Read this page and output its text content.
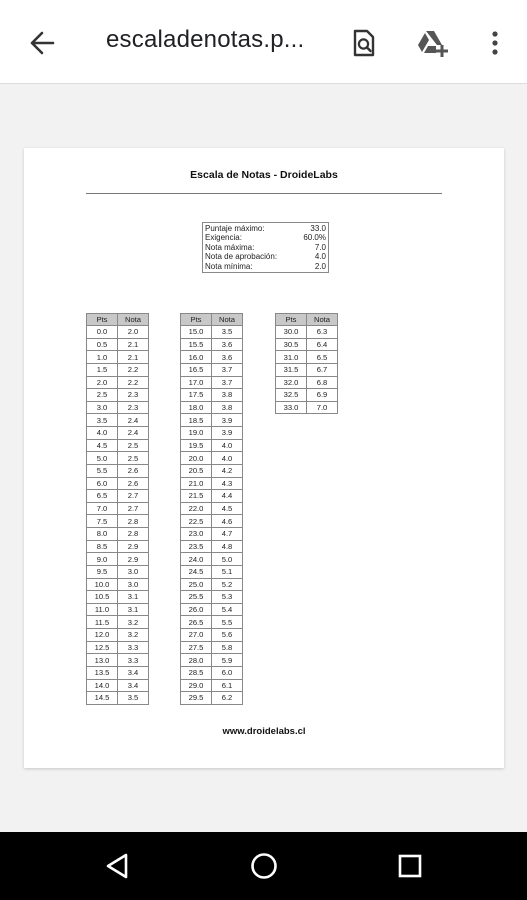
escaladenotas.p...
Escala de Notas - DroideLabs
Puntaje máximo:	33.0
Exigencia:	60.0%
Nota máxima:	7.0
Nota de aprobación:	4.0
Nota mínima:	2.0
Pts	Nota
0.0	2.0
0.5	2.1
1.0	2.1
1.5	2.2
2.0	2.2
2.5	2.3
3.0	2.3
3.5	2.4
4.0	2.4
4.5	2.5
5.0	2.5
5.5	2.6
6.0	2.6
6.5	2.7
7.0	2.7
7.5	2.8
8.0	2.8
8.5	2.9
9.0	2.9
9.5	3.0
10.0	3.0
10.5	3.1
11.0	3.1
11.5	3.2
12.0	3.2
12.5	3.3
13.0	3.3
13.5	3.4
14.0	3.4
14.5	3.5
Pts	Nota
15.0	3.5
15.5	3.6
16.0	3.6
16.5	3.7
17.0	3.7
17.5	3.8
18.0	3.8
18.5	3.9
19.0	3.9
19.5	4.0
20.0	4.0
20.5	4.2
21.0	4.3
21.5	4.4
22.0	4.5
22.5	4.6
23.0	4.7
23.5	4.8
24.0	5.0
24.5	5.1
25.0	5.2
25.5	5.3
26.0	5.4
26.5	5.5
27.0	5.6
27.5	5.8
28.0	5.9
28.5	6.0
29.0	6.1
29.5	6.2
Pts	Nota
30.0	6.3
30.5	6.4
31.0	6.5
31.5	6.7
32.0	6.8
32.5	6.9
33.0	7.0
www.droidelabs.cl
